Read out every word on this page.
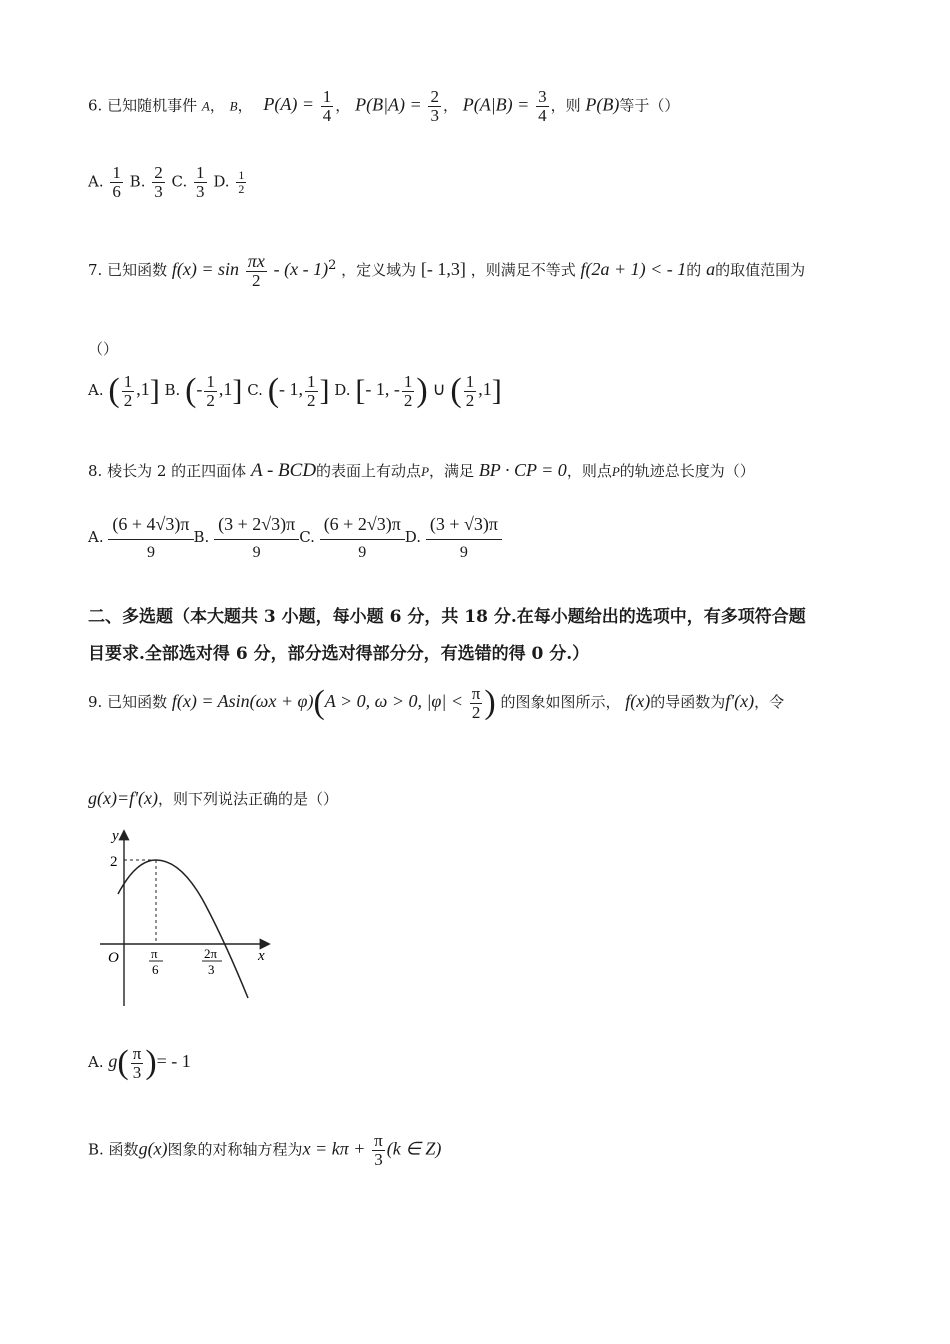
6. 已知随机事件 A， B， $P(A) = \frac{1}{4}$ ， $P(B|A) = \frac{2}{3}$ ， $P(A|B) = \frac{3}{4}$ ，则 P(B)等于（）
A. $\frac{1}{6} B$. $\frac{2}{3} C$. $\frac{1}{3} D$. $\frac{1}{2}$
7. 已知函数 $f(x) = \sin \frac{\pi x}{2} - (x - 1)^2$ ，定义域为 [- 1,3] ，则满足不等式 f(2a + 1) < - 1的 a的取值范围为
（）
A. ( $\frac{1}{2} ,1$] B. (- $\frac{1}{2} ,1$] C. (- 1, $\frac{1}{2}$ ] D. [- 1, - $\frac{1}{2}$ ) ∪ ( $\frac{1}{2} ,1$]
8. 棱长为 2 的正四面体 A - BCD的表面上有动点P，满足 BP · CP = 0，则点P的轨迹总长度为（）
A. $\frac{(6 + 4√3)\pi}{9} B$. $\frac{(3 + 2√3)\pi}{9} C$. $\frac{(6 + 2√3)\pi}{9} D$. $\frac{(3 + √3)\pi}{9}$
二、多选题（本大题共 3 小题，每小题 6 分，共 18 分.在每小题给出的选项中，有多项符合题
目要求.全部选对得 6 分，部分选对得部分分，有选错的得 0 分.）
9. 已知函数 f(x) = Asin(ωx + φ)(A > 0, ω > 0, $|\varphi| < \frac{\pi}{2}$ ) 的图象如图所示， f(x)的导函数为f'(x)，令
g(x)=f'(x)，则下列说法正确的是（）
y
x
O
2
π
6
2π
3
A. $g( \frac{\pi}{3}$ )= - 1
B. 函数g(x)图象的对称轴方程为$x = k\pi + \frac{\pi}{3} (k$ ∈ Z)
